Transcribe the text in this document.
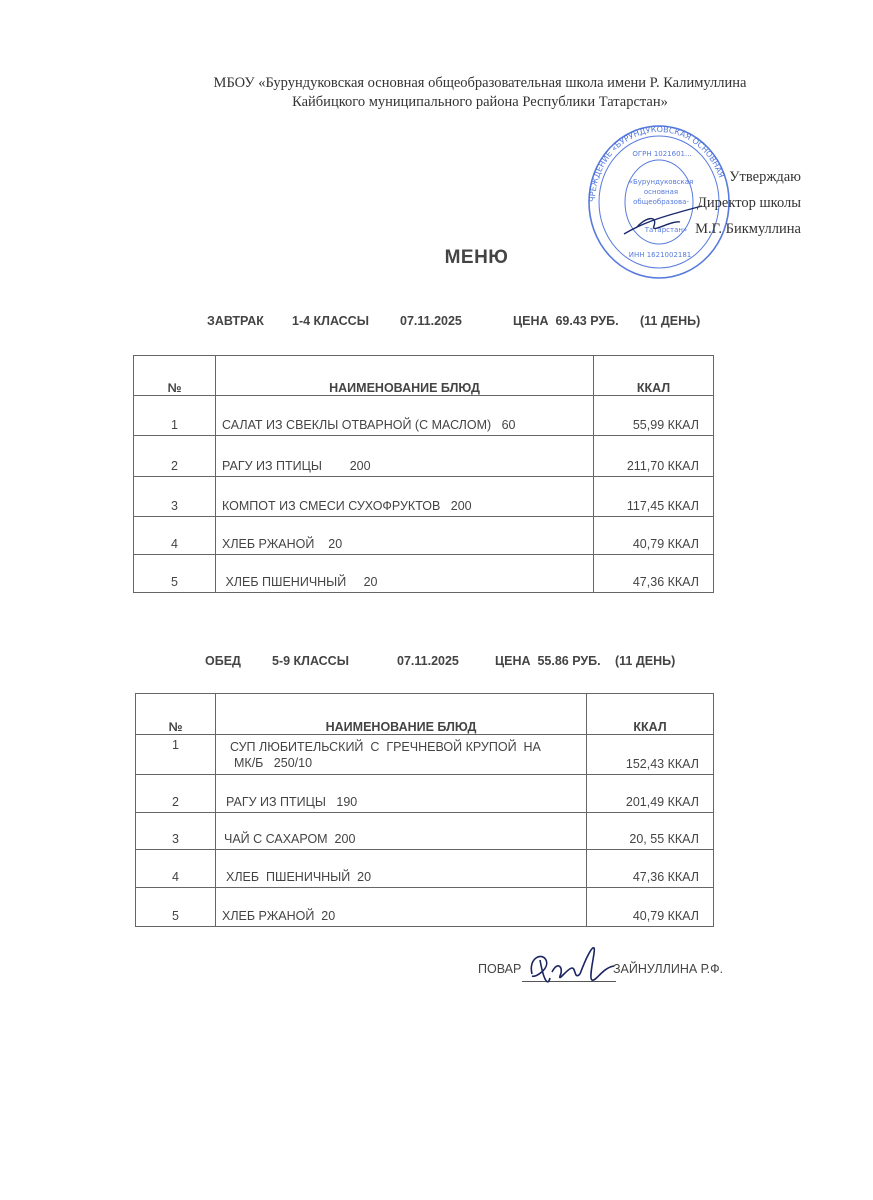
МБОУ «Бурундуковская основная общеобразовательная школа имени Р. Калимуллина
Кайбицкого муниципального района Республики Татарстан»
ЧРЕЖДЕНИЕ «БУРУНДУКОВСКАЯ ОСНОВНАЯ
ОГРН 1021601...
«Бурундуковская
основная
общеобразова-
Татарстан»
ИНН 1621002181
Утверждаю
Директор школы
М.Г. Бикмуллина
МЕНЮ
ЗАВТРАК 1-4 КЛАССЫ 07.11.2025	ЦЕНА  69.43 РУБ. (11 ДЕНЬ)
№	НАИМЕНОВАНИЕ БЛЮД	ККАЛ
1	САЛАТ ИЗ СВЕКЛЫ ОТВАРНОЙ (С МАСЛОМ)   60	55,99 ККАЛ
2	РАГУ ИЗ ПТИЦЫ        200	211,70 ККАЛ
3	КОМПОТ ИЗ СМЕСИ СУХОФРУКТОВ   200	117,45 ККАЛ
4	ХЛЕБ РЖАНОЙ    20	40,79 ККАЛ
5	ХЛЕБ ПШЕНИЧНЫЙ     20	47,36 ККАЛ
ОБЕД 5-9 КЛАССЫ	07.11.2025	ЦЕНА  55.86 РУБ. (11 ДЕНЬ)
№	НАИМЕНОВАНИЕ БЛЮД	ККАЛ
1	СУП ЛЮБИТЕЛЬСКИЙ  С  ГРЕЧНЕВОЙ КРУПОЙ  НА
МК/Б   250/10	152,43 ККАЛ
2	РАГУ ИЗ ПТИЦЫ   190	201,49 ККАЛ
3	ЧАЙ С САХАРОМ  200	20, 55 ККАЛ
4	ХЛЕБ  ПШЕНИЧНЫЙ  20	47,36 ККАЛ
5	ХЛЕБ РЖАНОЙ  20	40,79 ККАЛ
ПОВАР	ЗАЙНУЛЛИНА Р.Ф.
